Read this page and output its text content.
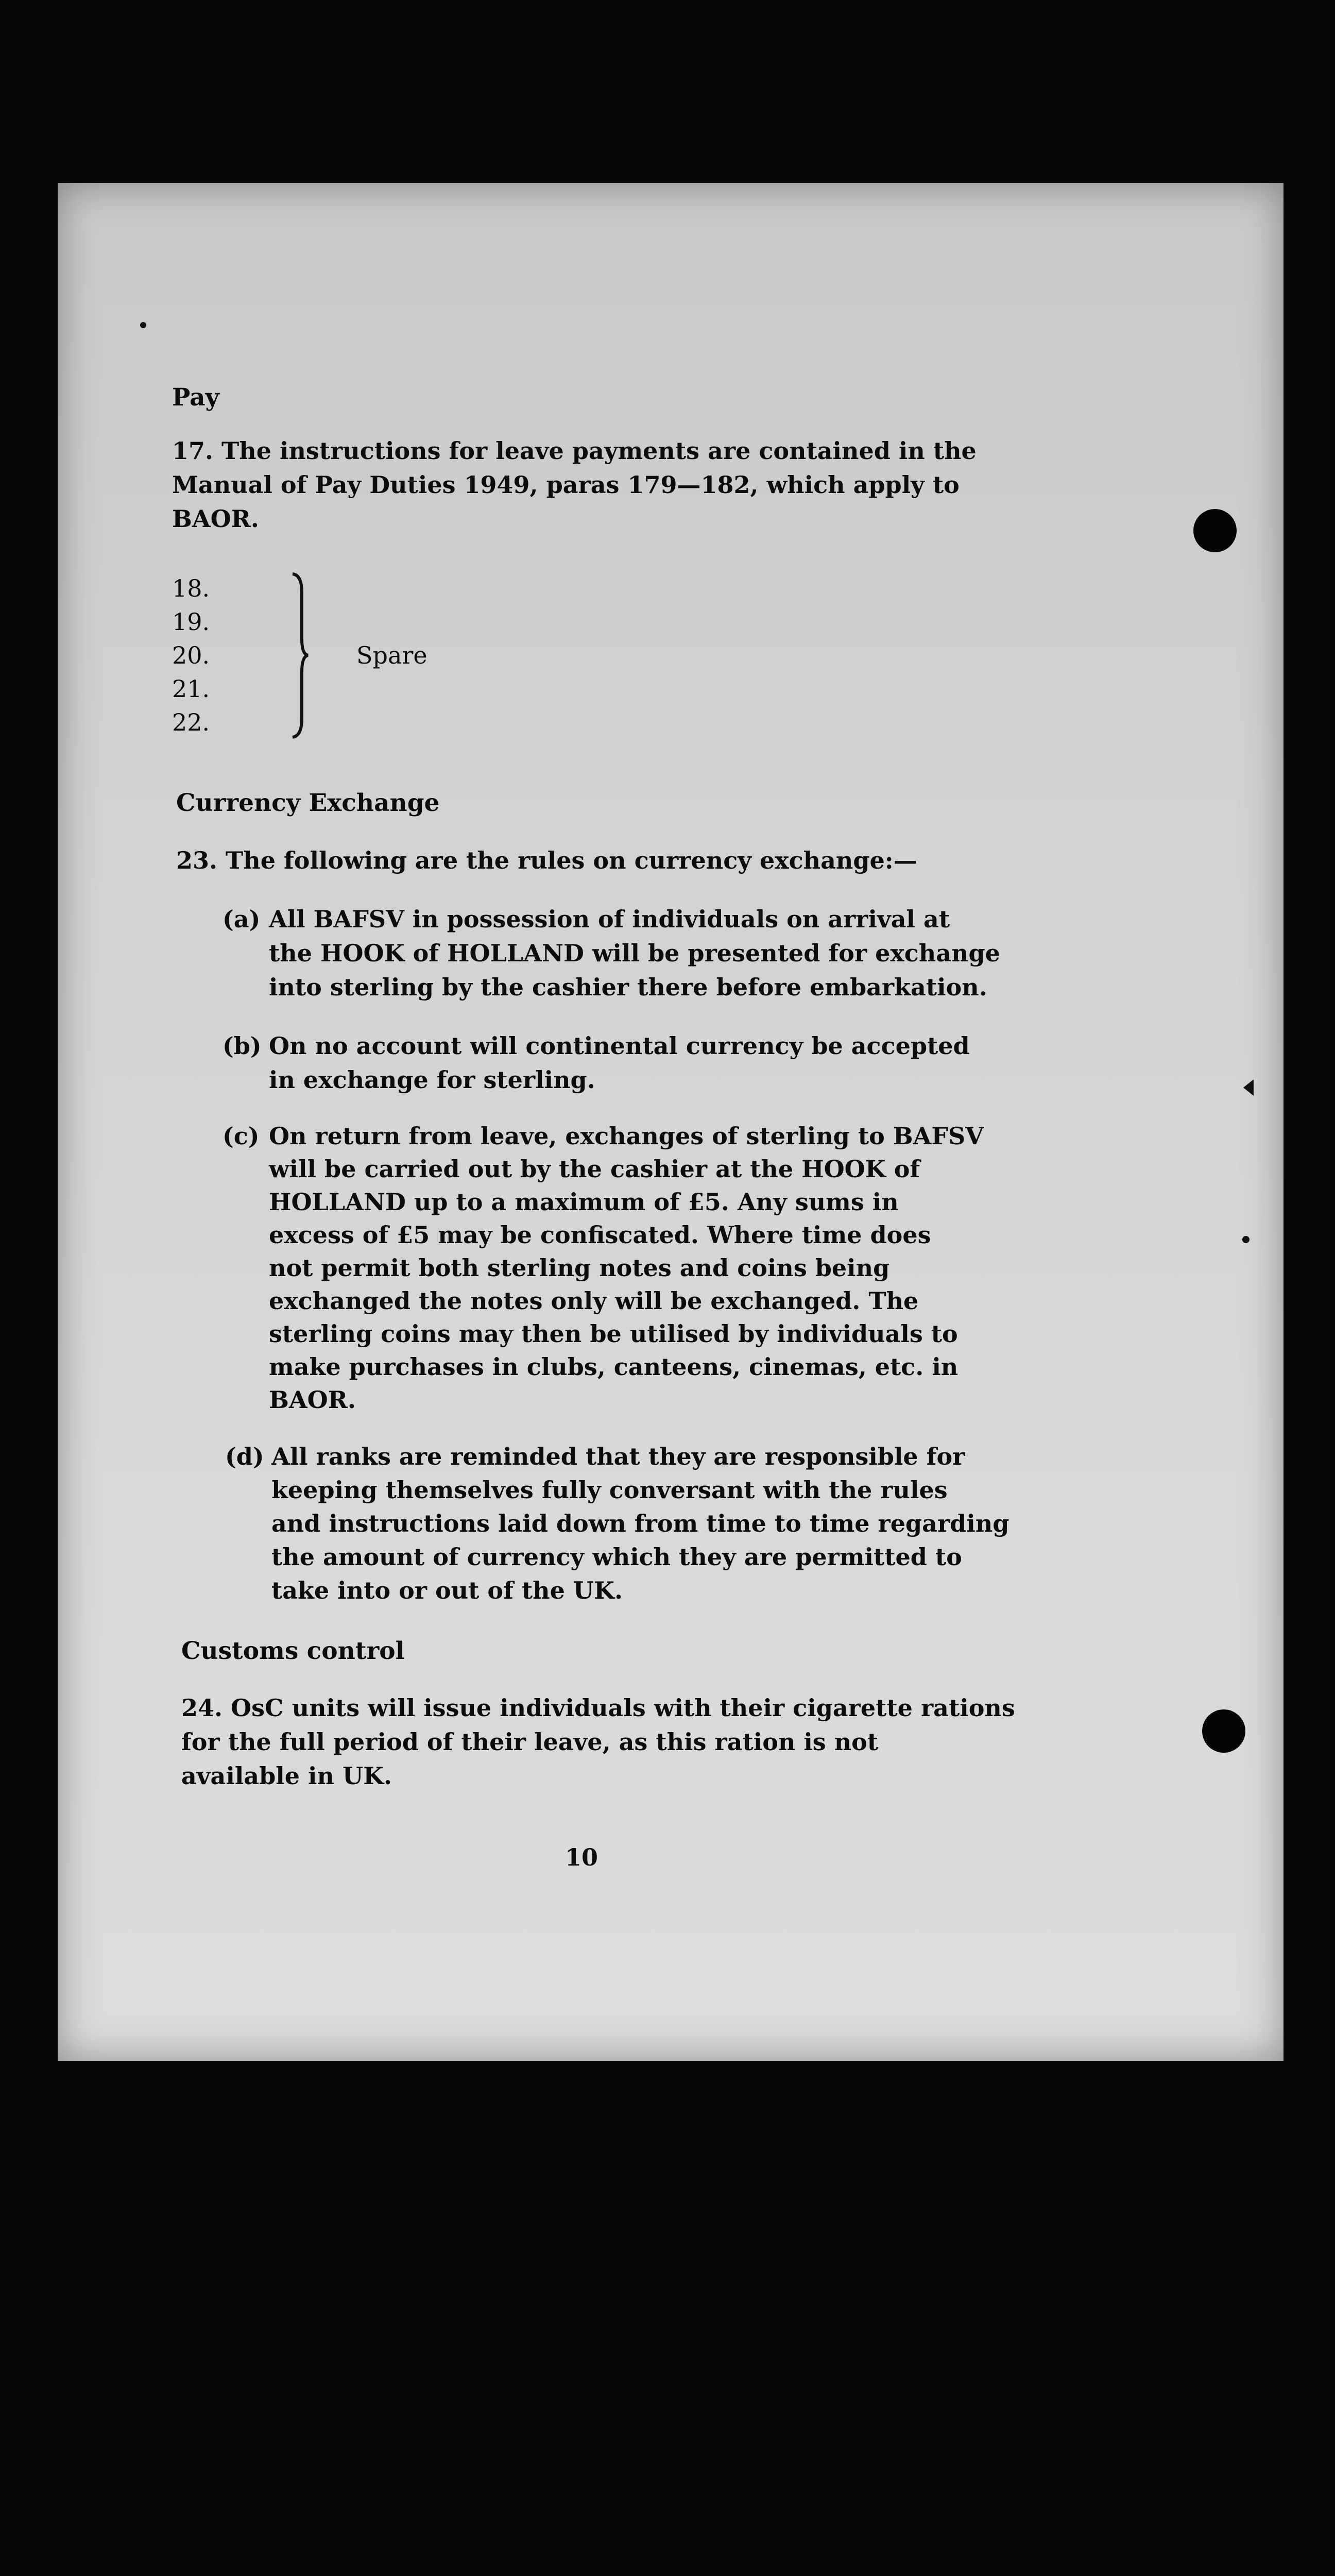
Pay
17. The instructions for leave payments are contained in the
Manual of Pay Duties 1949, paras 179—182, which apply to
BAOR.
18.
19.
20.
21.
22.
Spare
Currency Exchange
23. The following are the rules on currency exchange:—
(a) All BAFSV in possession of individuals on arrival at
the HOOK of HOLLAND will be presented for exchange
into sterling by the cashier there before embarkation.
(b) On no account will continental currency be accepted
in exchange for sterling.
(c) On return from leave, exchanges of sterling to BAFSV
will be carried out by the cashier at the HOOK of
HOLLAND up to a maximum of £5. Any sums in
excess of £5 may be confiscated. Where time does
not permit both sterling notes and coins being
exchanged the notes only will be exchanged. The
sterling coins may then be utilised by individuals to
make purchases in clubs, canteens, cinemas, etc. in
BAOR.
(d) All ranks are reminded that they are responsible for
keeping themselves fully conversant with the rules
and instructions laid down from time to time regarding
the amount of currency which they are permitted to
take into or out of the UK.
Customs control
24. OsC units will issue individuals with their cigarette rations
for the full period of their leave, as this ration is not
available in UK.
10
